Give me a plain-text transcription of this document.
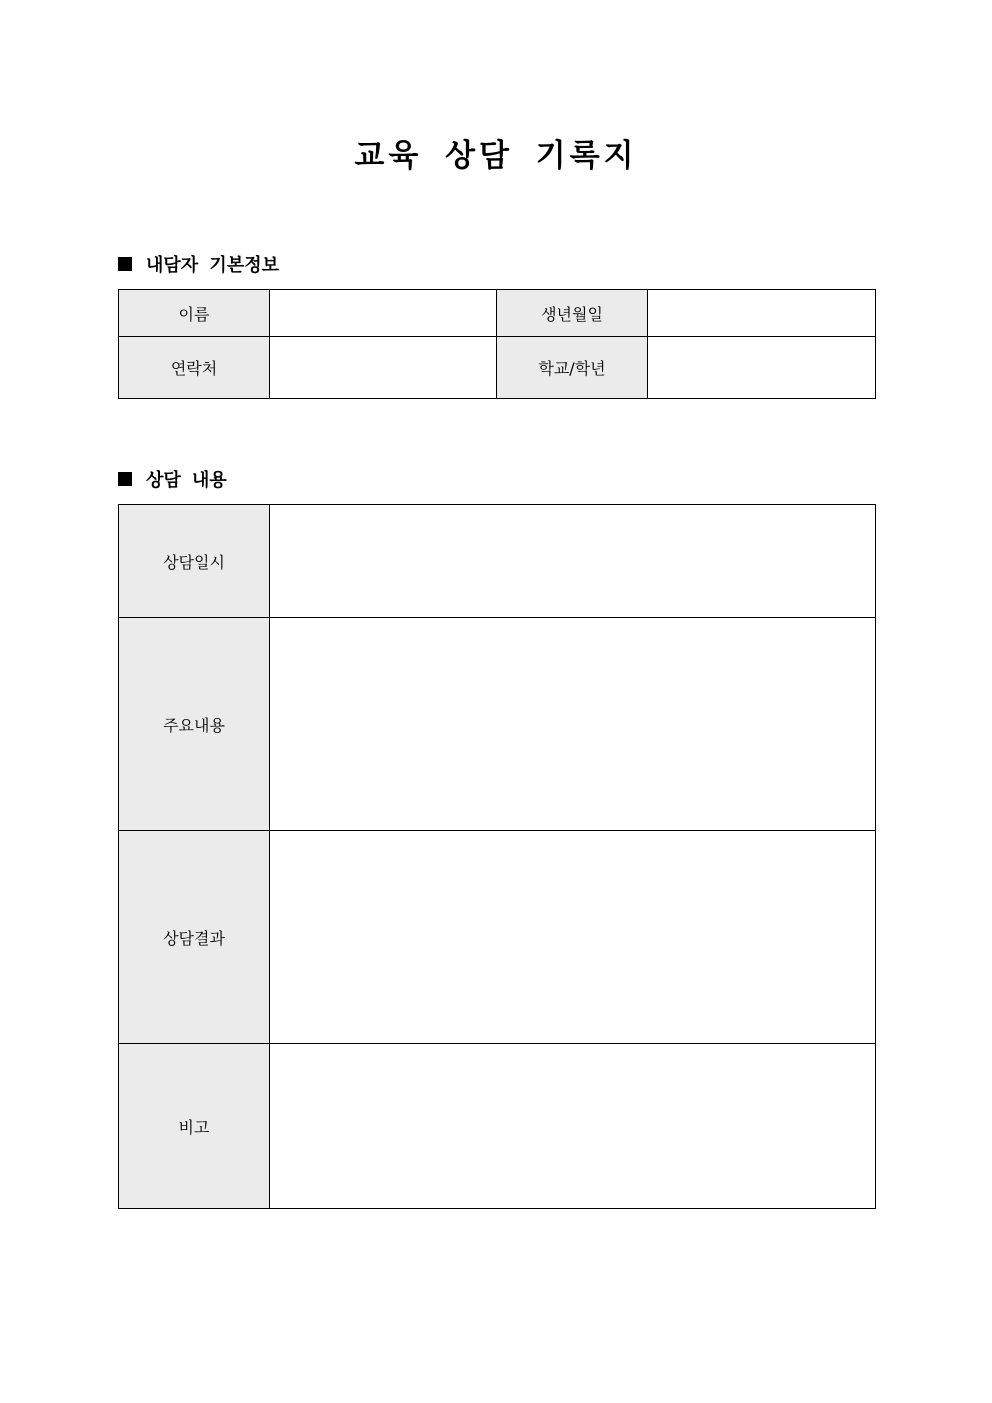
교육 상담 기록지
내담자 기본정보
이름		생년월일	
연락처		학교/학년	
상담 내용
상담일시	
주요내용	
상담결과	
비고	
